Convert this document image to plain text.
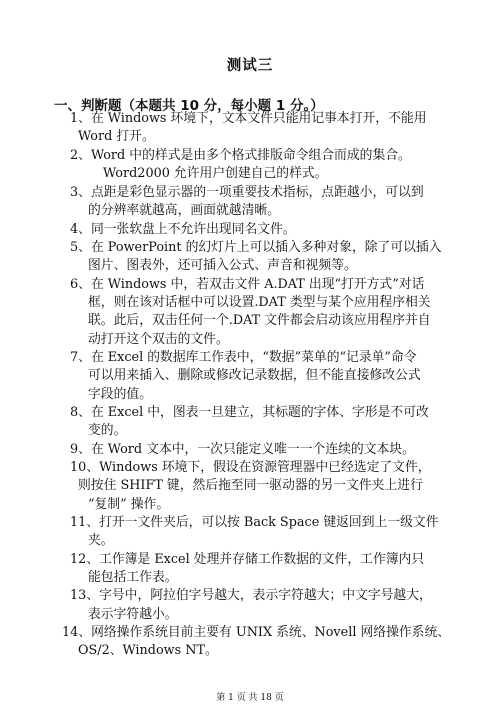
测试三
一、判断题（本题共 10 分，每小题 1 分。）
1、在 Windows 环境下，文本文件只能用记事本打开，不能用
Word 打开。
2、Word 中的样式是由多个格式排版命令组合而成的集合。
Word2000 允许用户创建自己的样式。
3、点距是彩色显示器的一项重要技术指标，点距越小，可以到
的分辨率就越高，画面就越清晰。
4、同一张软盘上不允许出现同名文件。
5、在 PowerPoint 的幻灯片上可以插入多种对象，除了可以插入
图片、图表外，还可插入公式、声音和视频等。
6、在 Windows 中，若双击文件 A.DAT 出现“打开方式”对话
框，则在该对话框中可以设置.DAT 类型与某个应用程序相关
联。此后，双击任何一个.DAT 文件都会启动该应用程序并自
动打开这个双击的文件。
7、在 Excel 的数据库工作表中，“数据”菜单的“记录单”命令
可以用来插入、删除或修改记录数据，但不能直接修改公式
字段的值。
8、在 Excel 中，图表一旦建立，其标题的字体、字形是不可改
变的。
9、在 Word 文本中，一次只能定义唯一一个连续的文本块。
10、Windows 环境下，假设在资源管理器中已经选定了文件，
则按住 SHIFT 键，然后拖至同一驱动器的另一文件夹上进行
“复制” 操作。
11、打开一文件夹后，可以按 Back Space 键返回到上一级文件
夹。
12、工作簿是 Excel 处理并存储工作数据的文件，工作簿内只
能包括工作表。
13、字号中，阿拉伯字号越大，表示字符越大；中文字号越大，
表示字符越小。
14、网络操作系统目前主要有 UNIX 系统、Novell 网络操作系统、
OS/2、Windows NT。
第 1 页 共 18 页
